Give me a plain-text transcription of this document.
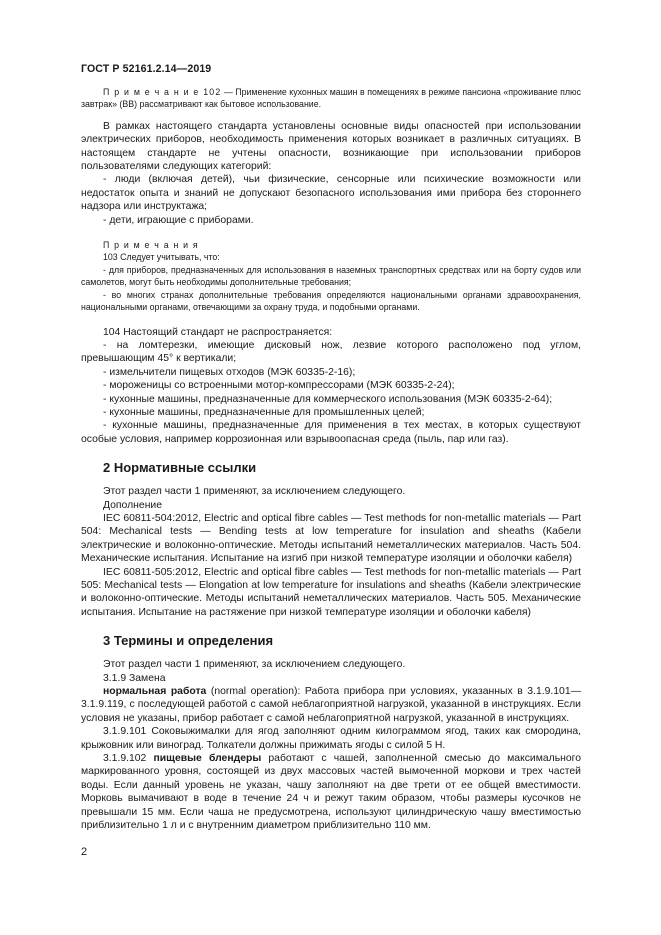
ГОСТ Р 52161.2.14—2019

П р и м е ч а н и е 102 — Применение кухонных машин в помещениях в режиме пансиона «проживание плюс завтрак» (ВВ) рассматривают как бытовое использование.

В рамках настоящего стандарта установлены основные виды опасностей при использовании электрических приборов, необходимость применения которых возникает в различных ситуациях. В настоящем стандарте не учтены опасности, возникающие при использовании приборов пользователями следующих категорий:

- люди (включая детей), чьи физические, сенсорные или психические возможности или недостаток опыта и знаний не допускают безопасного использования ими прибора без стороннего надзора или инструктажа;

- дети, играющие с приборами.

П р и м е ч а н и я

103 Следует учитывать, что:

- для приборов, предназначенных для использования в наземных транспортных средствах или на борту судов или самолетов, могут быть необходимы дополнительные требования;

- во многих странах дополнительные требования определяются национальными органами здравоохранения, национальными органами, отвечающими за охрану труда, и подобными органами.

104 Настоящий стандарт не распространяется:

- на ломтерезки, имеющие дисковый нож, лезвие которого расположено под углом, превышающим 45° к вертикали;

- измельчители пищевых отходов (МЭК 60335-2-16);

- мороженицы со встроенными мотор-компрессорами (МЭК 60335-2-24);

- кухонные машины, предназначенные для коммерческого использования (МЭК 60335-2-64);

- кухонные машины, предназначенные для промышленных целей;

- кухонные машины, предназначенные для применения в тех местах, в которых существуют особые условия, например коррозионная или взрывоопасная среда (пыль, пар или газ).

2 Нормативные ссылки

Этот раздел части 1 применяют, за исключением следующего.

Дополнение

IEC 60811-504:2012, Electric and optical fibre cables — Test methods for non-metallic materials — Part 504: Mechanical tests — Bending tests at low temperature for insulation and sheaths (Кабели электрические и волоконно-оптические. Методы испытаний неметаллических материалов. Часть 504. Механические испытания. Испытание на изгиб при низкой температуре изоляции и оболочки кабеля)

IEC 60811-505:2012, Electric and optical fibre cables — Test methods for non-metallic materials — Part 505: Mechanical tests — Elongation at low temperature for insulations and sheaths (Кабели электрические и волоконно-оптические. Методы испытаний неметаллических материалов. Часть 505. Механические испытания. Испытание на растяжение при низкой температуре изоляции и оболочки кабеля)

3 Термины и определения

Этот раздел части 1 применяют, за исключением следующего.

3.1.9 Замена

нормальная работа (normal operation): Работа прибора при условиях, указанных в 3.1.9.101—3.1.9.119, с последующей работой с самой неблагоприятной нагрузкой, указанной в инструкциях. Если условия не указаны, прибор работает с самой неблагоприятной нагрузкой, указанной в инструкциях.

3.1.9.101 Соковыжималки для ягод заполняют одним килограммом ягод, таких как смородина, крыжовник или виноград. Толкатели должны прижимать ягоды с силой 5 Н.

3.1.9.102 пищевые блендеры работают с чашей, заполненной смесью до максимального маркированного уровня, состоящей из двух массовых частей вымоченной моркови и трех частей воды. Если данный уровень не указан, чашу заполняют на две трети от ее общей вместимости. Морковь вымачивают в воде в течение 24 ч и режут таким образом, чтобы размеры кусочков не превышали 15 мм. Если чаша не предусмотрена, используют цилиндрическую чашу вместимостью приблизительно 1 л и с внутренним диаметром приблизительно 110 мм.

2
